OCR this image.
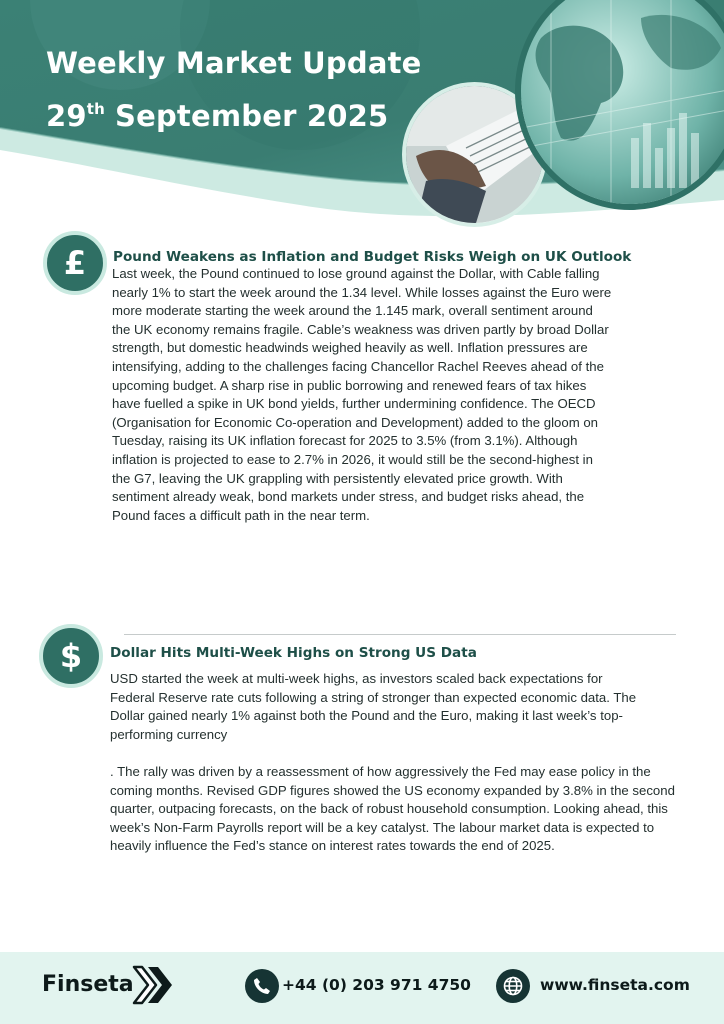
Weekly Market Update
29th September 2025
£	Pound Weakens as Inflation and Budget Risks Weigh on UK Outlook

Last week, the Pound continued to lose ground against the Dollar, with Cable falling nearly 1% to start the week around the 1.34 level. While losses against the Euro were more moderate starting the week around the 1.145 mark, overall sentiment around the UK economy remains fragile. Cable’s weakness was driven partly by broad Dollar strength, but domestic headwinds weighed heavily as well. Inflation pressures are intensifying, adding to the challenges facing Chancellor Rachel Reeves ahead of the upcoming budget. A sharp rise in public borrowing and renewed fears of tax hikes have fuelled a spike in UK bond yields, further undermining confidence. The OECD (Organisation for Economic Co-operation and Development) added to the gloom on Tuesday, raising its UK inflation forecast for 2025 to 3.5% (from 3.1%). Although inflation is projected to ease to 2.7% in 2026, it would still be the second-highest in the G7, leaving the UK grappling with persistently elevated price growth. With sentiment already weak, bond markets under stress, and budget risks ahead, the Pound faces a difficult path in the near term.

$	Dollar Hits Multi-Week Highs on Strong US Data

USD started the week at multi-week highs, as investors scaled back expectations for Federal Reserve rate cuts following a string of stronger than expected economic data. The Dollar gained nearly 1% against both the Pound and the Euro, making it last week’s top-performing currency

. The rally was driven by a reassessment of how aggressively the Fed may ease policy in the coming months. Revised GDP figures showed the US economy expanded by 3.8% in the second quarter, outpacing forecasts, on the back of robust household consumption. Looking ahead, this week’s Non-Farm Payrolls report will be a key catalyst. The labour market data is expected to heavily influence the Fed’s stance on interest rates towards the end of 2025.

Finseta	+44 (0) 203 971 4750	www.finseta.com
